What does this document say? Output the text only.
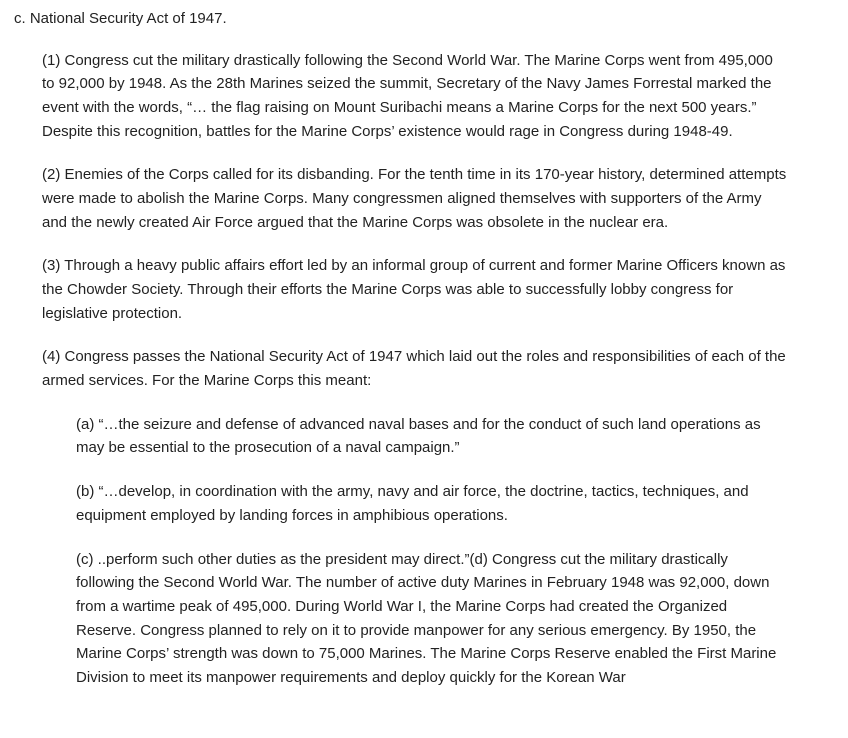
c. National Security Act of 1947.

(1) Congress cut the military drastically following the Second World War. The Marine Corps went from 495,000 to 92,000 by 1948. As the 28th Marines seized the summit, Secretary of the Navy James Forrestal marked the event with the words, “… the flag raising on Mount Suribachi means a Marine Corps for the next 500 years.” Despite this recognition, battles for the Marine Corps’ existence would rage in Congress during 1948-49.

(2) Enemies of the Corps called for its disbanding. For the tenth time in its 170-year history, determined attempts were made to abolish the Marine Corps. Many congressmen aligned themselves with supporters of the Army and the newly created Air Force argued that the Marine Corps was obsolete in the nuclear era.

(3) Through a heavy public affairs effort led by an informal group of current and former Marine Officers known as the Chowder Society. Through their efforts the Marine Corps was able to successfully lobby congress for legislative protection.

(4) Congress passes the National Security Act of 1947 which laid out the roles and responsibilities of each of the armed services. For the Marine Corps this meant:

(a) “…the seizure and defense of advanced naval bases and for the conduct of such land operations as may be essential to the prosecution of a naval campaign.”

(b) “…develop, in coordination with the army, navy and air force, the doctrine, tactics, techniques, and equipment employed by landing forces in amphibious operations.

(c) ..perform such other duties as the president may direct.”(d) Congress cut the military drastically following the Second World War. The number of active duty Marines in February 1948 was 92,000, down from a wartime peak of 495,000. During World War I, the Marine Corps had created the Organized Reserve. Congress planned to rely on it to provide manpower for any serious emergency. By 1950, the Marine Corps’ strength was down to 75,000 Marines. The Marine Corps Reserve enabled the First Marine Division to meet its manpower requirements and deploy quickly for the Korean War
